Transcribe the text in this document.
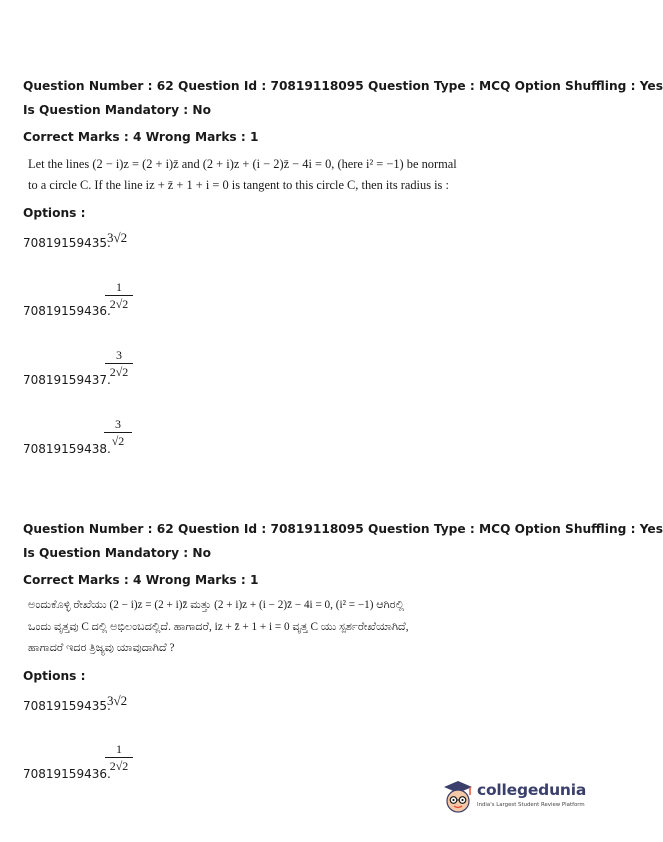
Question Number : 62 Question Id : 70819118095 Question Type : MCQ Option Shuffling : Yes
Is Question Mandatory : No
Correct Marks : 4 Wrong Marks : 1
Let the lines (2 − i)z = (2 + i)z̄ and (2 + i)z + (i − 2)z̄ − 4i = 0, (here i² = −1) be normal
to a circle C. If the line iz + z̄ + 1 + i = 0 is tangent to this circle C, then its radius is :
Options :
70819159435.
3√2
70819159436.
1
2√2
70819159437.
3
2√2
70819159438.
3
√2
Question Number : 62 Question Id : 70819118095 Question Type : MCQ Option Shuffling : Yes
Is Question Mandatory : No
Correct Marks : 4 Wrong Marks : 1
ಅಂದುಕೊಳ್ಳಿ ರೇಖೆಯು (2 − i)z = (2 + i)z̄ ಮತ್ತು (2 + i)z + (i − 2)z̄ − 4i = 0, (i² = −1) ಆಗಿರಲ್ಲಿ
ಒಂದು ವೃತ್ತವು C ದಲ್ಲಿ ಅಭಿಲಂಬದಲ್ಲಿದೆ. ಹಾಗಾದರೆ, iz + z̄ + 1 + i = 0 ವೃತ್ತ C ಯು ಸ್ಪರ್ಶರೇಖೆಯಾಗಿದೆ,
ಹಾಗಾದರೆ ಇದರ ತ್ರಿಜ್ಯವು ಯಾವುದಾಗಿದೆ ?
Options :
70819159435.
3√2
70819159436.
1
2√2
collegedunia
India's Largest Student Review Platform
